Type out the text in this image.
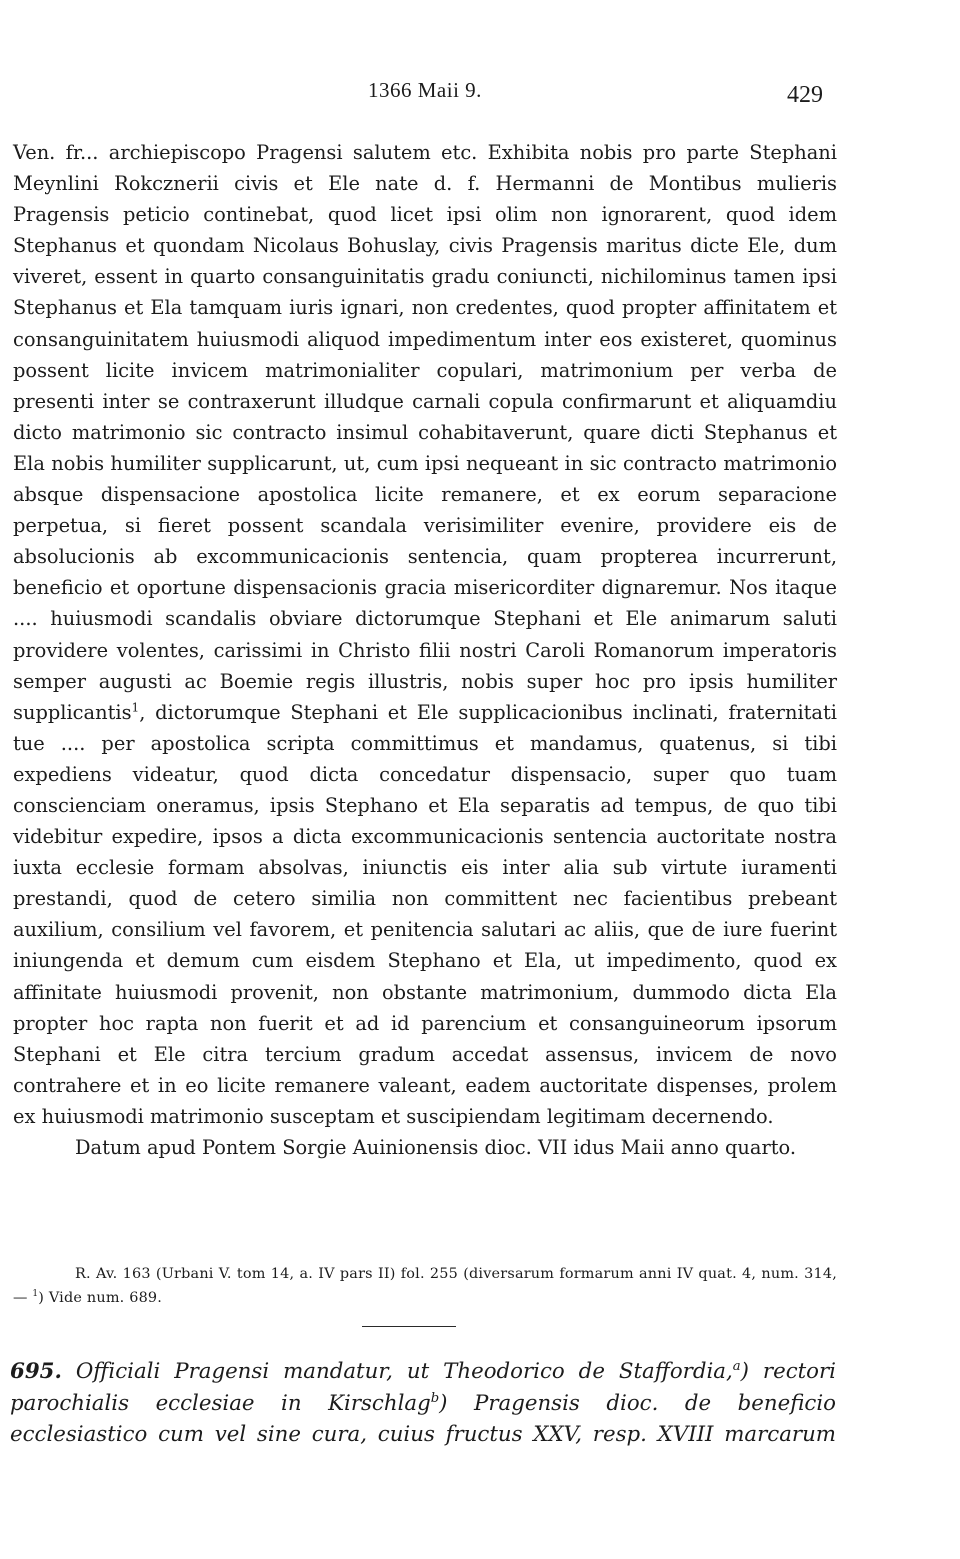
1366 Maii 9.	429

Ven. fr... archiepiscopo Pragensi salutem etc. Exhibita nobis pro parte Stephani Meynlini Rokcznerii civis et Ele nate d. f. Hermanni de Montibus mulieris Pragensis peticio continebat, quod licet ipsi olim non ignorarent, quod idem Stephanus et quondam Nicolaus Bohuslay, civis Pragensis maritus dicte Ele, dum viveret, essent in quarto consanguinitatis gradu coniuncti, nichilominus tamen ipsi Stephanus et Ela tamquam iuris ignari, non credentes, quod propter affinitatem et consanguinitatem huiusmodi aliquod impedimentum inter eos existeret, quominus possent licite invicem matrimonialiter copulari, matrimonium per verba de presenti inter se contraxerunt illudque carnali copula confirmarunt et aliquamdiu dicto matrimonio sic contracto insimul cohabitaverunt, quare dicti Stephanus et Ela nobis humiliter supplicarunt, ut, cum ipsi nequeant in sic contracto matrimonio absque dispensacione apostolica licite remanere, et ex eorum separacione perpetua, si fieret possent scandala verisimiliter evenire, providere eis de absolucionis ab excommunicacionis sentencia, quam propterea incurrerunt, beneficio et oportune dispensacionis gracia misericorditer dignaremur. Nos itaque .... huiusmodi scandalis obviare dictorumque Stephani et Ele animarum saluti providere volentes, carissimi in Christo filii nostri Caroli Romanorum imperatoris semper augusti ac Boemie regis illustris, nobis super hoc pro ipsis humiliter supplicantis$^1$, dictorumque Stephani et Ele supplicacionibus inclinati, fraternitati tue .... per apostolica scripta committimus et mandamus, quatenus, si tibi expediens videatur, quod dicta concedatur dispensacio, super quo tuam conscienciam oneramus, ipsis Stephano et Ela separatis ad tempus, de quo tibi videbitur expedire, ipsos a dicta excommunicacionis sentencia auctoritate nostra iuxta ecclesie formam absolvas, iniunctis eis inter alia sub virtute iuramenti prestandi, quod de cetero similia non committent nec facientibus prebeant auxilium, consilium vel favorem, et penitencia salutari ac aliis, que de iure fuerint iniungenda et demum cum eisdem Stephano et Ela, ut impedimento, quod ex affinitate huiusmodi provenit, non obstante matrimonium, dummodo dicta Ela propter hoc rapta non fuerit et ad id parencium et consanguineorum ipsorum Stephani et Ele citra tercium gradum accedat assensus, invicem de novo contrahere et in eo licite remanere valeant, eadem auctoritate dispenses, prolem ex huiusmodi matrimonio susceptam et suscipiendam legitimam decernendo.

Datum apud Pontem Sorgie Auinionensis dioc. VII idus Maii anno quarto.

R. Av. 163 (Urbani V. tom 14, a. IV pars II) fol. 255 (diversarum formarum anni IV quat. 4, num. 314, — $^1$) Vide num. 689.
695. Officiali Pragensi mandatur, ut Theodorico de Staffordia,$^a$) rectori parochialis ecclesiae in Kirschlag$^b$) Pragensis dioc. de beneficio ecclesiastico cum vel sine cura, cuius fructus XXV, resp. XVIII marcarum
